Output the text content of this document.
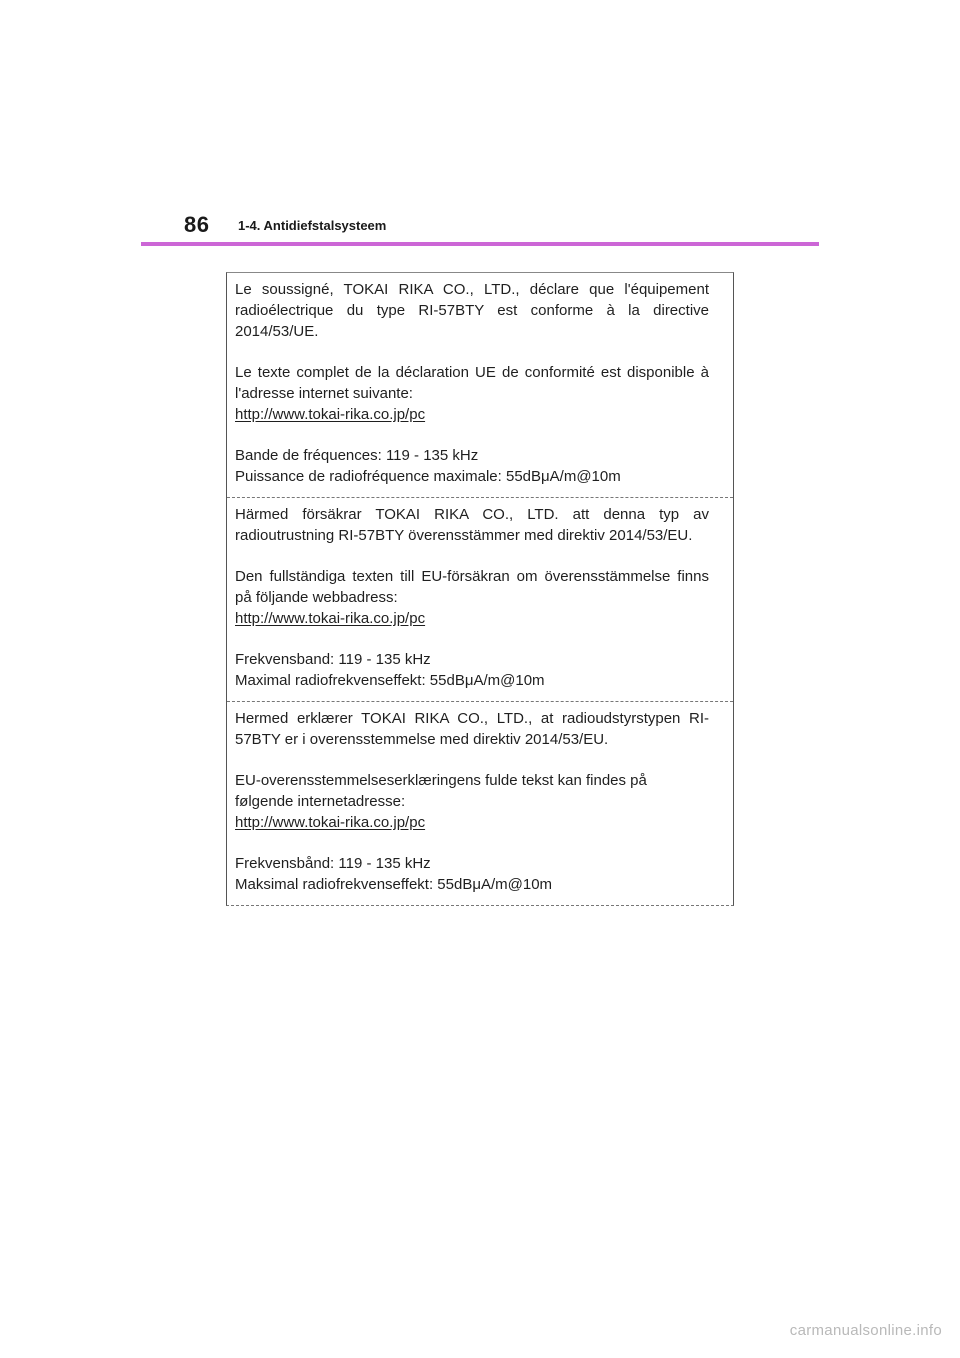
86 1-4. Antidiefstalsysteem

Le soussigné, TOKAI RIKA CO., LTD., déclare que l'équipement radioélectrique du type RI-57BTY est conforme à la directive 2014/53/UE.

Le texte complet de la déclaration UE de conformité est disponible à l'adresse internet suivante:

http://www.tokai-rika.co.jp/pc

Bande de fréquences: 119 - 135 kHz

Puissance de radiofréquence maximale: 55dBμA/m@10m

Härmed försäkrar TOKAI RIKA CO., LTD. att denna typ av radioutrustning RI-57BTY överensstämmer med direktiv 2014/53/EU.

Den fullständiga texten till EU-försäkran om överensstämmelse finns på följande webbadress:

http://www.tokai-rika.co.jp/pc

Frekvensband: 119 - 135 kHz

Maximal radiofrekvenseffekt: 55dBμA/m@10m

Hermed erklærer TOKAI RIKA CO., LTD., at radioudstyrstypen RI-57BTY er i overensstemmelse med direktiv 2014/53/EU.

EU-overensstemmelseserklæringens fulde tekst kan findes på

følgende internetadresse:

http://www.tokai-rika.co.jp/pc

Frekvensbånd: 119 - 135 kHz

Maksimal radiofrekvenseffekt: 55dBμA/m@10m

carmanualsonline.info
